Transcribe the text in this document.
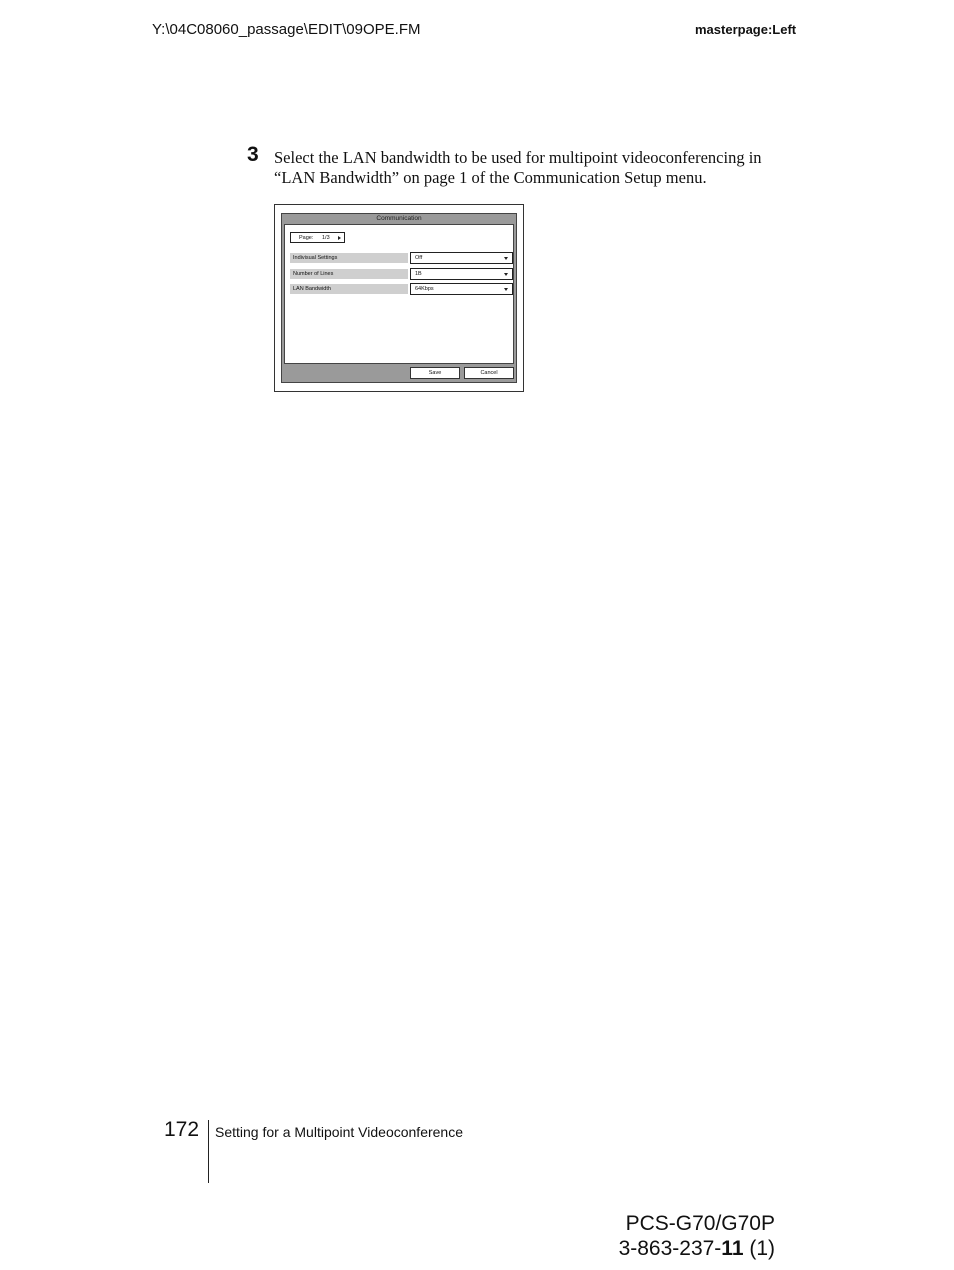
Y:\04C08060_passage\EDIT\09OPE.FM	masterpage:Left
3 Select the LAN bandwidth to be used for multipoint videoconferencing in
“LAN Bandwidth” on page 1 of the Communication Setup menu.
Communication
Page: 1/3
Indivisual Settings	Off
Number of Lines	1B
LAN Bandwidth	64Kbps
Save	Cancel
172 Setting for a Multipoint Videoconference
PCS-G70/G70P
3-863-237-11 (1)
